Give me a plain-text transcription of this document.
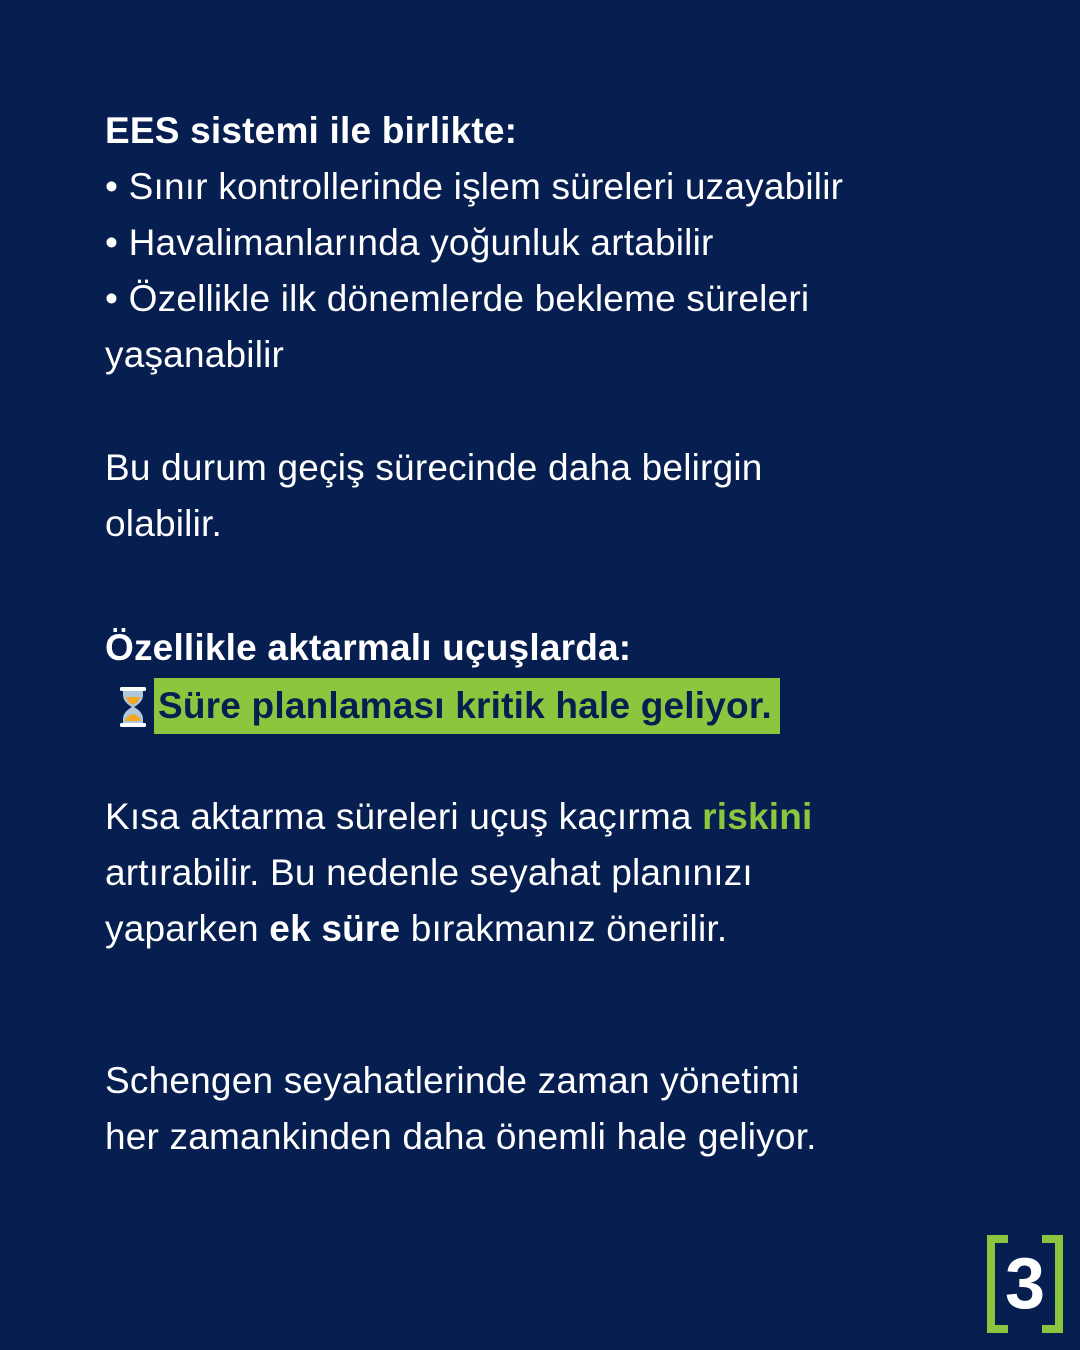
EES sistemi ile birlikte:
• Sınır kontrollerinde işlem süreleri uzayabilir
• Havalimanlarında yoğunluk artabilir
• Özellikle ilk dönemlerde bekleme süreleri
yaşanabilir
Bu durum geçiş sürecinde daha belirgin
olabilir.
Özellikle aktarmalı uçuşlarda:
Süre planlaması kritik hale geliyor.
Kısa aktarma süreleri uçuş kaçırma riskini
artırabilir. Bu nedenle seyahat planınızı
yaparken ek süre bırakmanız önerilir.
Schengen seyahatlerinde zaman yönetimi
her zamankinden daha önemli hale geliyor.
3
